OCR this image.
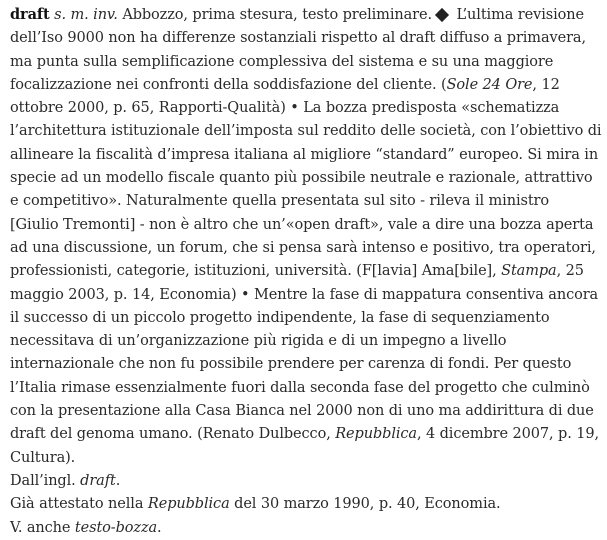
draft s. m. inv. Abbozzo, prima stesura, testo preliminare. L’ultima revisione dell’Iso 9000 non ha differenze sostanziali rispetto al draft diffuso a primavera, ma punta sulla semplificazione complessiva del sistema e su una maggiore focalizzazione nei confronti della soddisfazione del cliente. (Sole 24 Ore, 12 ottobre 2000, p. 65, Rapporti-Qualità) • La bozza predisposta «schematizza l’architettura istituzionale dell’imposta sul reddito delle società, con l’obiettivo di allineare la fiscalità d’impresa italiana al migliore “standard” europeo. Si mira in specie ad un modello fiscale quanto più possibile neutrale e razionale, attrattivo e competitivo». Naturalmente quella presentata sul sito - rileva il ministro [Giulio Tremonti] - non è altro che un’«open draft», vale a dire una bozza aperta ad una discussione, un forum, che si pensa sarà intenso e positivo, tra operatori, professionisti, categorie, istituzioni, università. (F[lavia] Ama[bile], Stampa, 25 maggio 2003, p. 14, Economia) • Mentre la fase di mappatura consentiva ancora il successo di un piccolo progetto indipendente, la fase di sequenziamento necessitava di un’organizzazione più rigida e di un impegno a livello internazionale che non fu possibile prendere per carenza di fondi. Per questo l’Italia rimase essenzialmente fuori dalla seconda fase del progetto che culminò con la presentazione alla Casa Bianca nel 2000 non di uno ma addirittura di due draft del genoma umano. (Renato Dulbecco, Repubblica, 4 dicembre 2007, p. 19, Cultura).

Dall’ingl. draft.

Già attestato nella Repubblica del 30 marzo 1990, p. 40, Economia.

V. anche testo-bozza.
